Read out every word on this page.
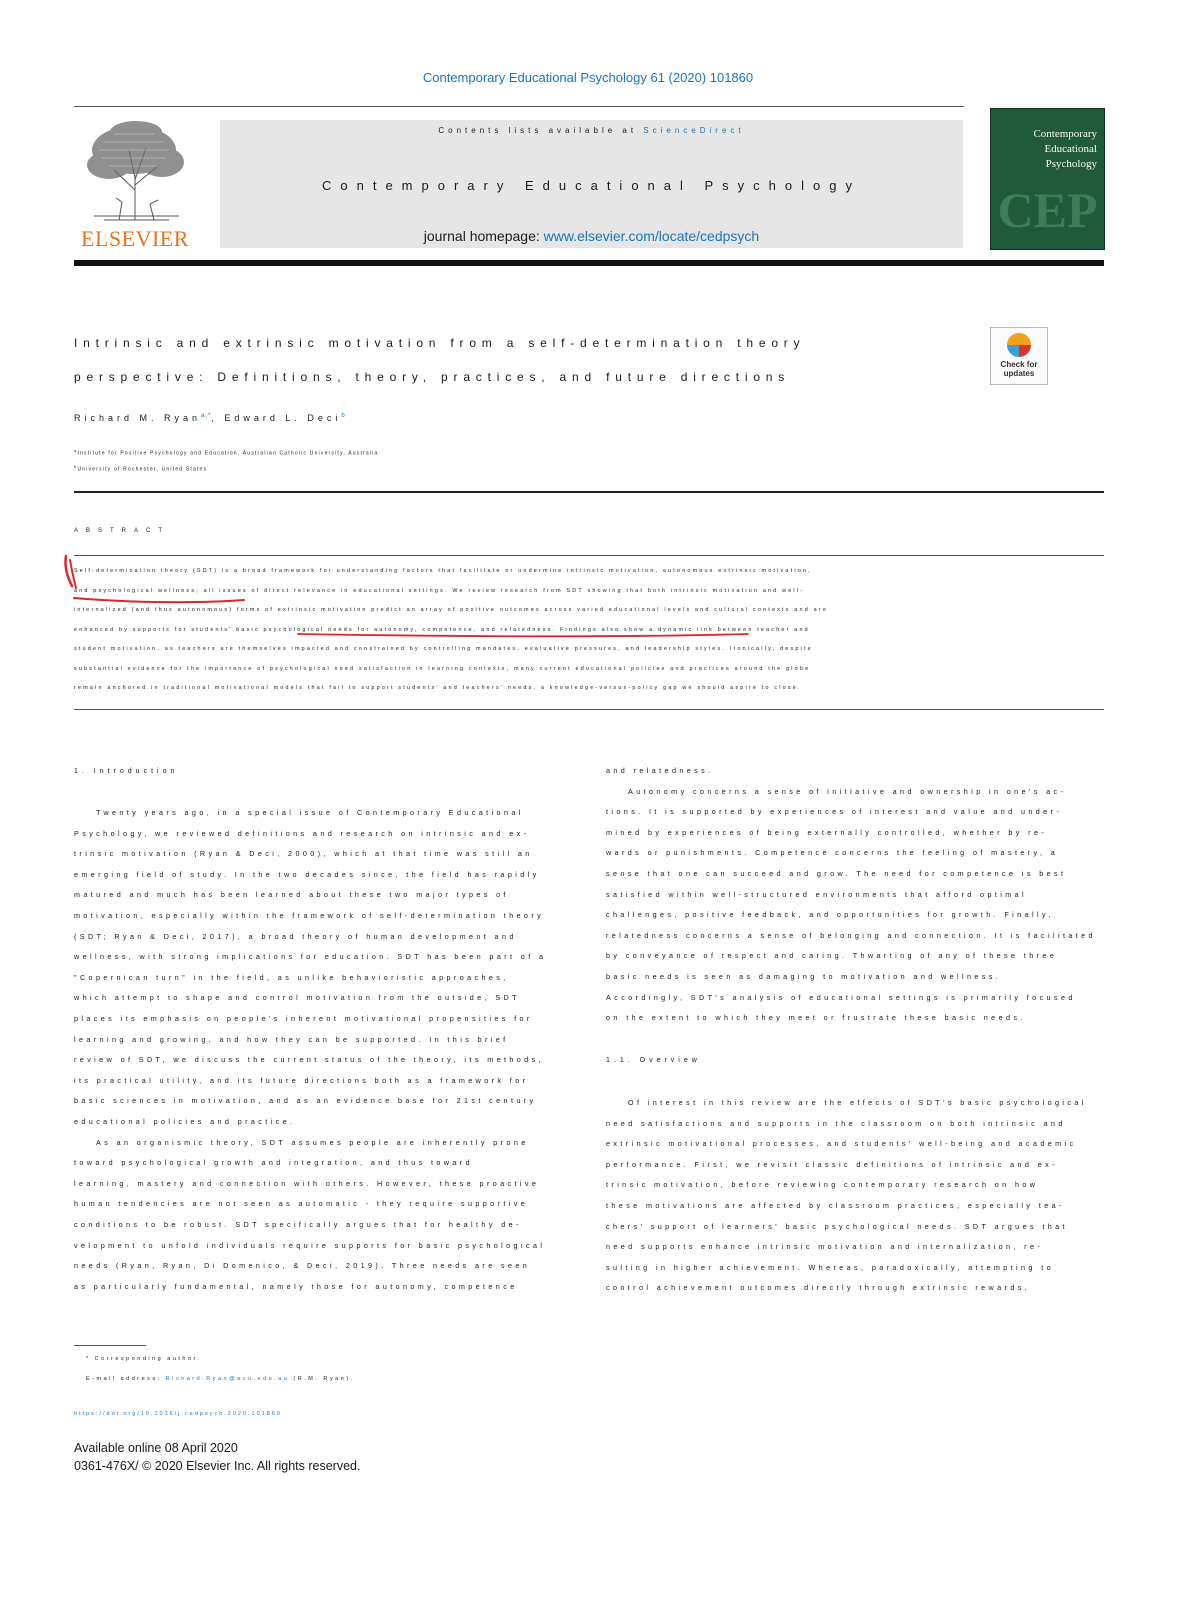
Contemporary Educational Psychology 61 (2020) 101860
ELSEVIER
Contents lists available at ScienceDirect
Contemporary Educational Psychology
journal homepage: www.elsevier.com/locate/cedpsych
Contemporary Educational Psychology
CEP
Intrinsic and extrinsic motivation from a self-determination theory
perspective: Definitions, theory, practices, and future directions
Check for updates
Richard M. Ryan$^{a,*}$, Edward L. Deci$^b$
$^a$Institute for Positive Psychology and Education, Australian Catholic University, Australia
$^b$University of Rochester, United States
ABSTRACT
Self-determination theory (SDT) is a broad framework for understanding factors that facilitate or undermine intrinsic motivation, autonomous extrinsic motivation,
and psychological wellness, all issues of direct relevance in educational settings. We review research from SDT showing that both intrinsic motivation and well-
internalized (and thus autonomous) forms of extrinsic motivation predict an array of positive outcomes across varied educational levels and cultural contexts and are
enhanced by supports for students' basic psychological needs for autonomy, competence, and relatedness. Findings also show a dynamic link between teacher and
student motivation, as teachers are themselves impacted and constrained by controlling mandates, evaluative pressures, and leadership styles. Ironically, despite
substantial evidence for the importance of psychological need satisfaction in learning contexts, many current educational policies and practices around the globe
remain anchored in traditional motivational models that fail to support students' and teachers' needs, a knowledge-versus-policy gap we should aspire to close.
1. Introduction
Twenty years ago, in a special issue of Contemporary Educational
Psychology, we reviewed definitions and research on intrinsic and ex-
trinsic motivation (Ryan & Deci, 2000), which at that time was still an
emerging field of study. In the two decades since, the field has rapidly
matured and much has been learned about these two major types of
motivation, especially within the framework of self-determination theory
(SDT; Ryan & Deci, 2017), a broad theory of human development and
wellness, with strong implications for education. SDT has been part of a
"Copernican turn" in the field, as unlike behavioristic approaches,
which attempt to shape and control motivation from the outside, SDT
places its emphasis on people's inherent motivational propensities for
learning and growing, and how they can be supported. In this brief
review of SDT, we discuss the current status of the theory, its methods,
its practical utility, and its future directions both as a framework for
basic sciences in motivation, and as an evidence base for 21st century
educational policies and practice.
As an organismic theory, SDT assumes people are inherently prone
toward psychological growth and integration, and thus toward
learning, mastery and connection with others. However, these proactive
human tendencies are not seen as automatic - they require supportive
conditions to be robust. SDT specifically argues that for healthy de-
velopment to unfold individuals require supports for basic psychological
needs (Ryan, Ryan, Di Domenico, & Deci, 2019). Three needs are seen
as particularly fundamental, namely those for autonomy, competence
and relatedness.
Autonomy concerns a sense of initiative and ownership in one's ac-
tions. It is supported by experiences of interest and value and under-
mined by experiences of being externally controlled, whether by re-
wards or punishments. Competence concerns the feeling of mastery, a
sense that one can succeed and grow. The need for competence is best
satisfied within well-structured environments that afford optimal
challenges, positive feedback, and opportunities for growth. Finally,
relatedness concerns a sense of belonging and connection. It is facilitated
by conveyance of respect and caring. Thwarting of any of these three
basic needs is seen as damaging to motivation and wellness.
Accordingly, SDT's analysis of educational settings is primarily focused
on the extent to which they meet or frustrate these basic needs.
1.1. Overview
Of interest in this review are the effects of SDT's basic psychological
need satisfactions and supports in the classroom on both intrinsic and
extrinsic motivational processes, and students' well-being and academic
performance. First, we revisit classic definitions of intrinsic and ex-
trinsic motivation, before reviewing contemporary research on how
these motivations are affected by classroom practices, especially tea-
chers' support of learners' basic psychological needs. SDT argues that
need supports enhance intrinsic motivation and internalization, re-
sulting in higher achievement. Whereas, paradoxically, attempting to
control achievement outcomes directly through extrinsic rewards,
* Corresponding author.
E-mail address: Richard.Ryan@acu.edu.au (R.M. Ryan).
https://doi.org/10.1016/j.cedpsych.2020.101860
Available online 08 April 2020
0361-476X/ © 2020 Elsevier Inc. All rights reserved.
